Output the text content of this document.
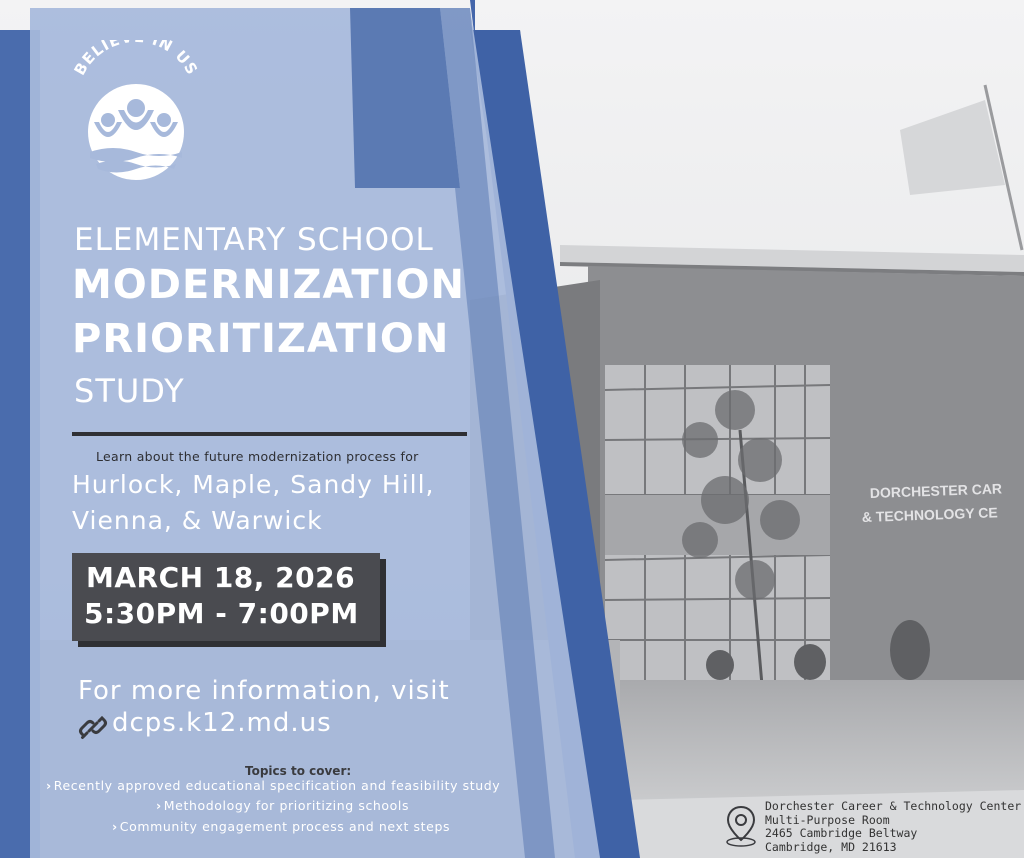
DORCHESTER CAR
& TECHNOLOGY CE
BELIE IN US
ELEMENTARY SCHOOL
MODERNIZATION
PRIORITIZATION
STUDY
Learn about the future modernization process for
Hurlock, Maple, Sandy Hill,
Vienna, & Warwick
MARCH 18, 2026
5:30PM - 7:00PM
For more information, visit
dcps.k12.md.us
Topics to cover:
› Recently approved educational specification and feasibility study
› Methodology for prioritizing schools
› Community engagement process and next steps
Dorchester Career & Technology Center
Multi-Purpose Room
2465 Cambridge Beltway
Cambridge, MD 21613
